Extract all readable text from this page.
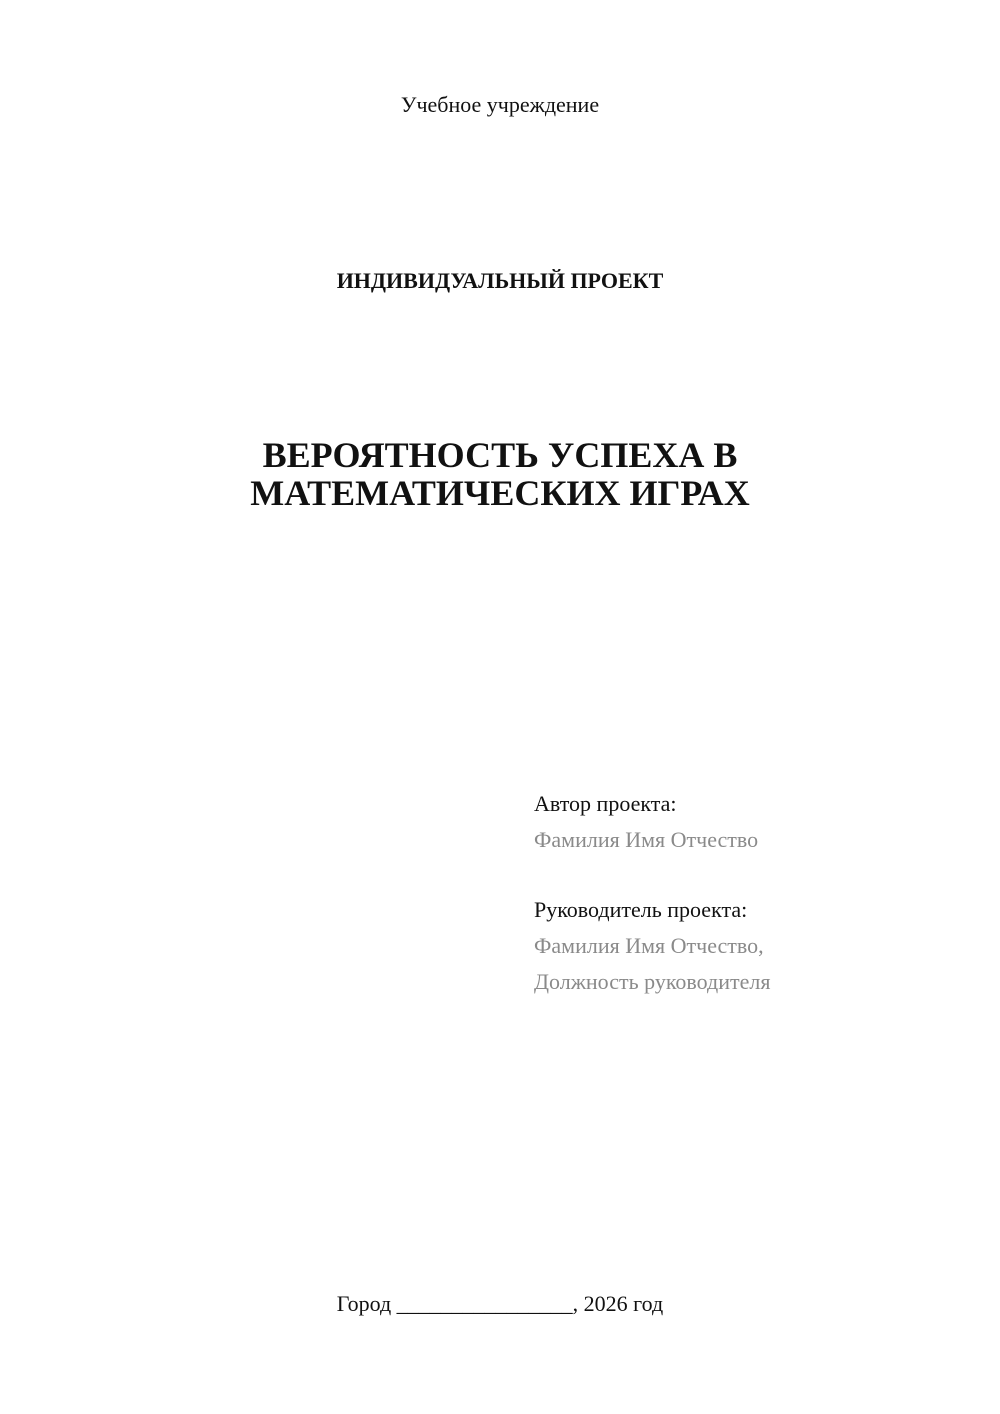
Учебное учреждение

ИНДИВИДУАЛЬНЫЙ ПРОЕКТ

ВЕРОЯТНОСТЬ УСПЕХА В
МАТЕМАТИЧЕСКИХ ИГРАХ
Автор проекта:
Фамилия Имя Отчество
Руководитель проекта:
Фамилия Имя Отчество,
Должность руководителя

Город ________________, 2026 год
